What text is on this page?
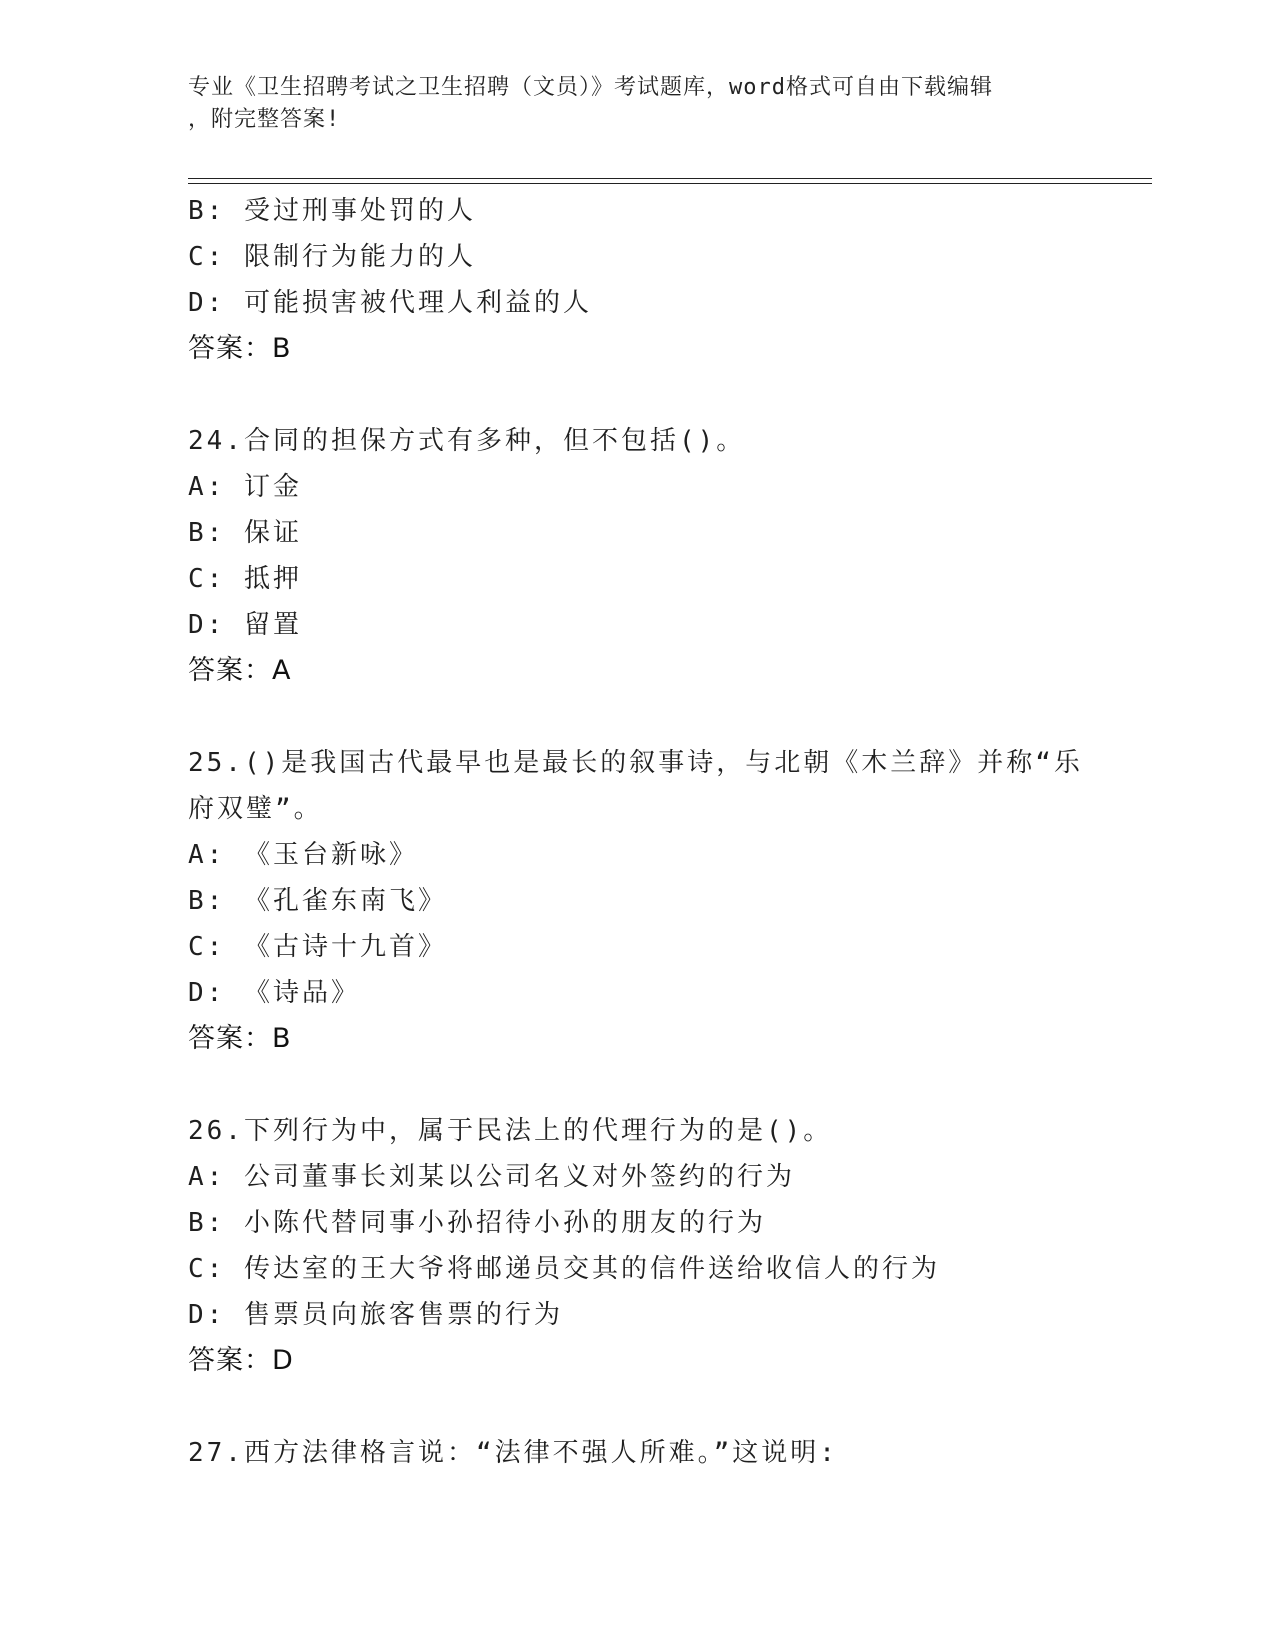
专业《卫生招聘考试之卫生招聘（文员）》考试题库，word格式可自由下载编辑
，附完整答案!
B: 受过刑事处罚的人
C: 限制行为能力的人
D: 可能损害被代理人利益的人
答案：B
24.合同的担保方式有多种，但不包括()。
A: 订金
B: 保证
C: 抵押
D: 留置
答案：A
25.()是我国古代最早也是最长的叙事诗，与北朝《木兰辞》并称“乐
府双璧”。
A: 《玉台新咏》
B: 《孔雀东南飞》
C: 《古诗十九首》
D: 《诗品》
答案：B
26.下列行为中，属于民法上的代理行为的是()。
A: 公司董事长刘某以公司名义对外签约的行为
B: 小陈代替同事小孙招待小孙的朋友的行为
C: 传达室的王大爷将邮递员交其的信件送给收信人的行为
D: 售票员向旅客售票的行为
答案：D
27.西方法律格言说：“法律不强人所难。”这说明:
